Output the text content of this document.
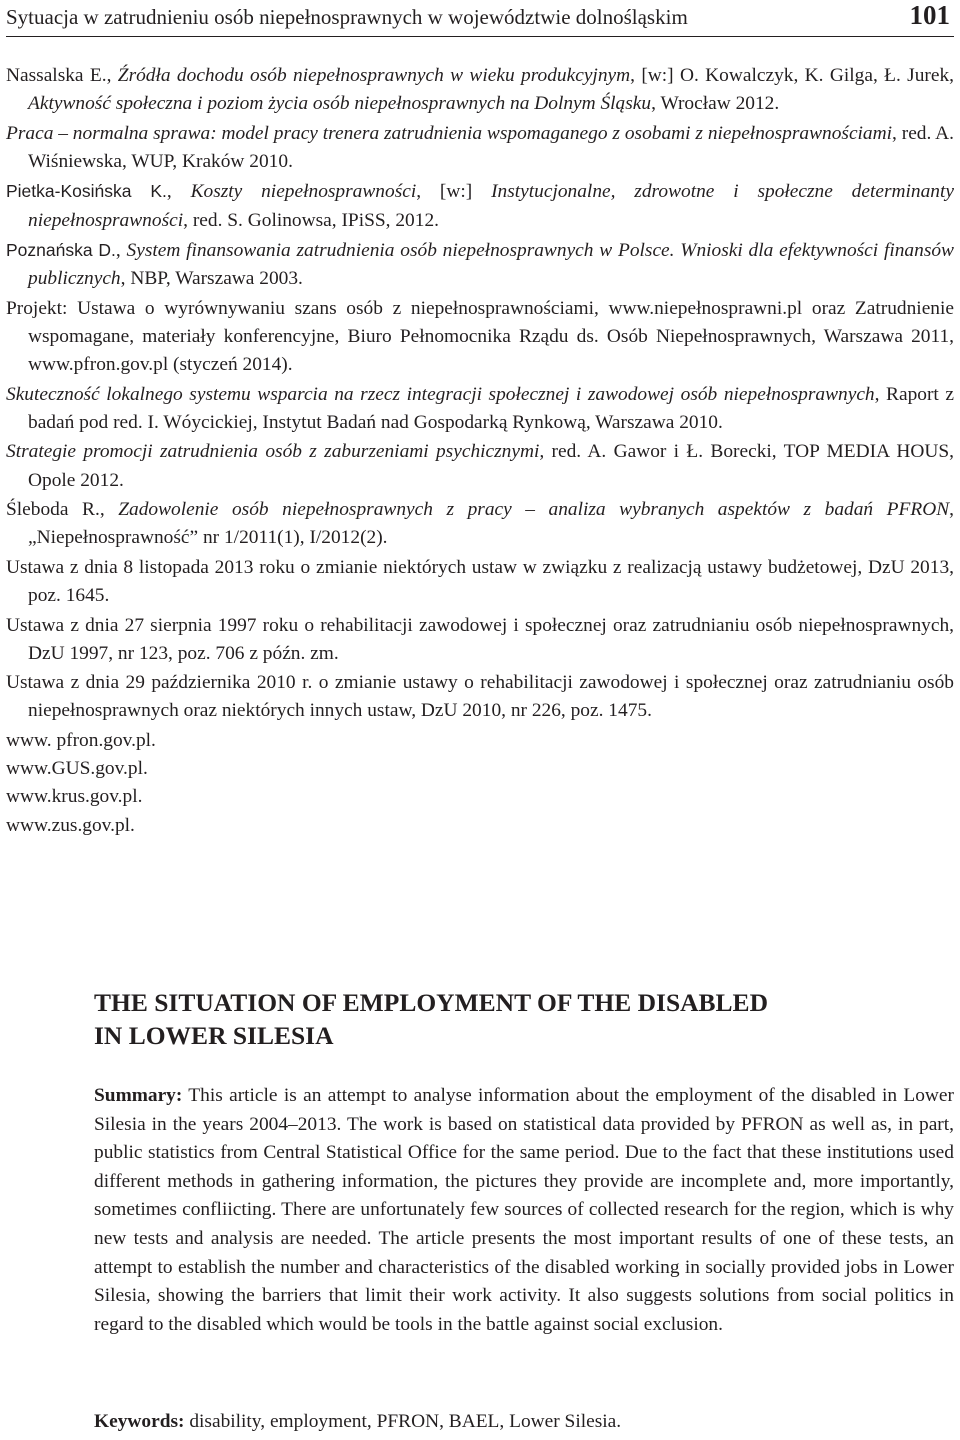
Sytuacja w zatrudnieniu osób niepełnosprawnych w województwie dolnośląskim	101

Nassalska E., Źródła dochodu osób niepełnosprawnych w wieku produkcyjnym, [w:] O. Kowalczyk, K. Gilga, Ł. Jurek, Aktywność społeczna i poziom życia osób niepełnosprawnych na Dolnym Śląsku, Wrocław 2012.

Praca – normalna sprawa: model pracy trenera zatrudnienia wspomaganego z osobami z niepełnosprawnościami, red. A. Wiśniewska, WUP, Kraków 2010.

Pietka-Kosińska K., Koszty niepełnosprawności, [w:] Instytucjonalne, zdrowotne i społeczne determinanty niepełnosprawności, red. S. Golinowsa, IPiSS, 2012.

Poznańska D., System finansowania zatrudnienia osób niepełnosprawnych w Polsce. Wnioski dla efektywności finansów publicznych, NBP, Warszawa 2003.

Projekt: Ustawa o wyrównywaniu szans osób z niepełnosprawnościami, www.niepełnosprawni.pl oraz Zatrudnienie wspomagane, materiały konferencyjne, Biuro Pełnomocnika Rządu ds. Osób Niepełnosprawnych, Warszawa 2011, www.pfron.gov.pl (styczeń 2014).

Skuteczność lokalnego systemu wsparcia na rzecz integracji społecznej i zawodowej osób niepełnosprawnych, Raport z badań pod red. I. Wóycickiej, Instytut Badań nad Gospodarką Rynkową, Warszawa 2010.

Strategie promocji zatrudnienia osób z zaburzeniami psychicznymi, red. A. Gawor i Ł. Borecki, TOP MEDIA HOUS, Opole 2012.

Śleboda R., Zadowolenie osób niepełnosprawnych z pracy – analiza wybranych aspektów z badań PFRON, „Niepełnosprawność” nr 1/2011(1), I/2012(2).

Ustawa z dnia 8 listopada 2013 roku o zmianie niektórych ustaw w związku z realizacją ustawy budżetowej, DzU 2013, poz. 1645.

Ustawa z dnia 27 sierpnia 1997 roku o rehabilitacji zawodowej i społecznej oraz zatrudnianiu osób niepełnosprawnych, DzU 1997, nr 123, poz. 706 z późn. zm.

Ustawa z dnia 29 października 2010 r. o zmianie ustawy o rehabilitacji zawodowej i społecznej oraz zatrudnianiu osób niepełnosprawnych oraz niektórych innych ustaw, DzU 2010, nr 226, poz. 1475.

www. pfron.gov.pl.

www.GUS.gov.pl.

www.krus.gov.pl.

www.zus.gov.pl.

THE SITUATION OF EMPLOYMENT OF THE DISABLED
IN LOWER SILESIA

Summary: This article is an attempt to analyse information about the employment of the disabled in Lower Silesia in the years 2004–2013. The work is based on statistical data provided by PFRON as well as, in part, public statistics from Central Statistical Office for the same period. Due to the fact that these institutions used different methods in gathering information, the pictures they provide are incomplete and, more importantly, sometimes confliicting. There are unfortunately few sources of collected research for the region, which is why new tests and analysis are needed. The article presents the most important results of one of these tests, an attempt to establish the number and characteristics of the disabled working in socially provided jobs in Lower Silesia, showing the barriers that limit their work activity. It also suggests solutions from social politics in regard to the disabled which would be tools in the battle against social exclusion.

Keywords: disability, employment, PFRON, BAEL, Lower Silesia.
